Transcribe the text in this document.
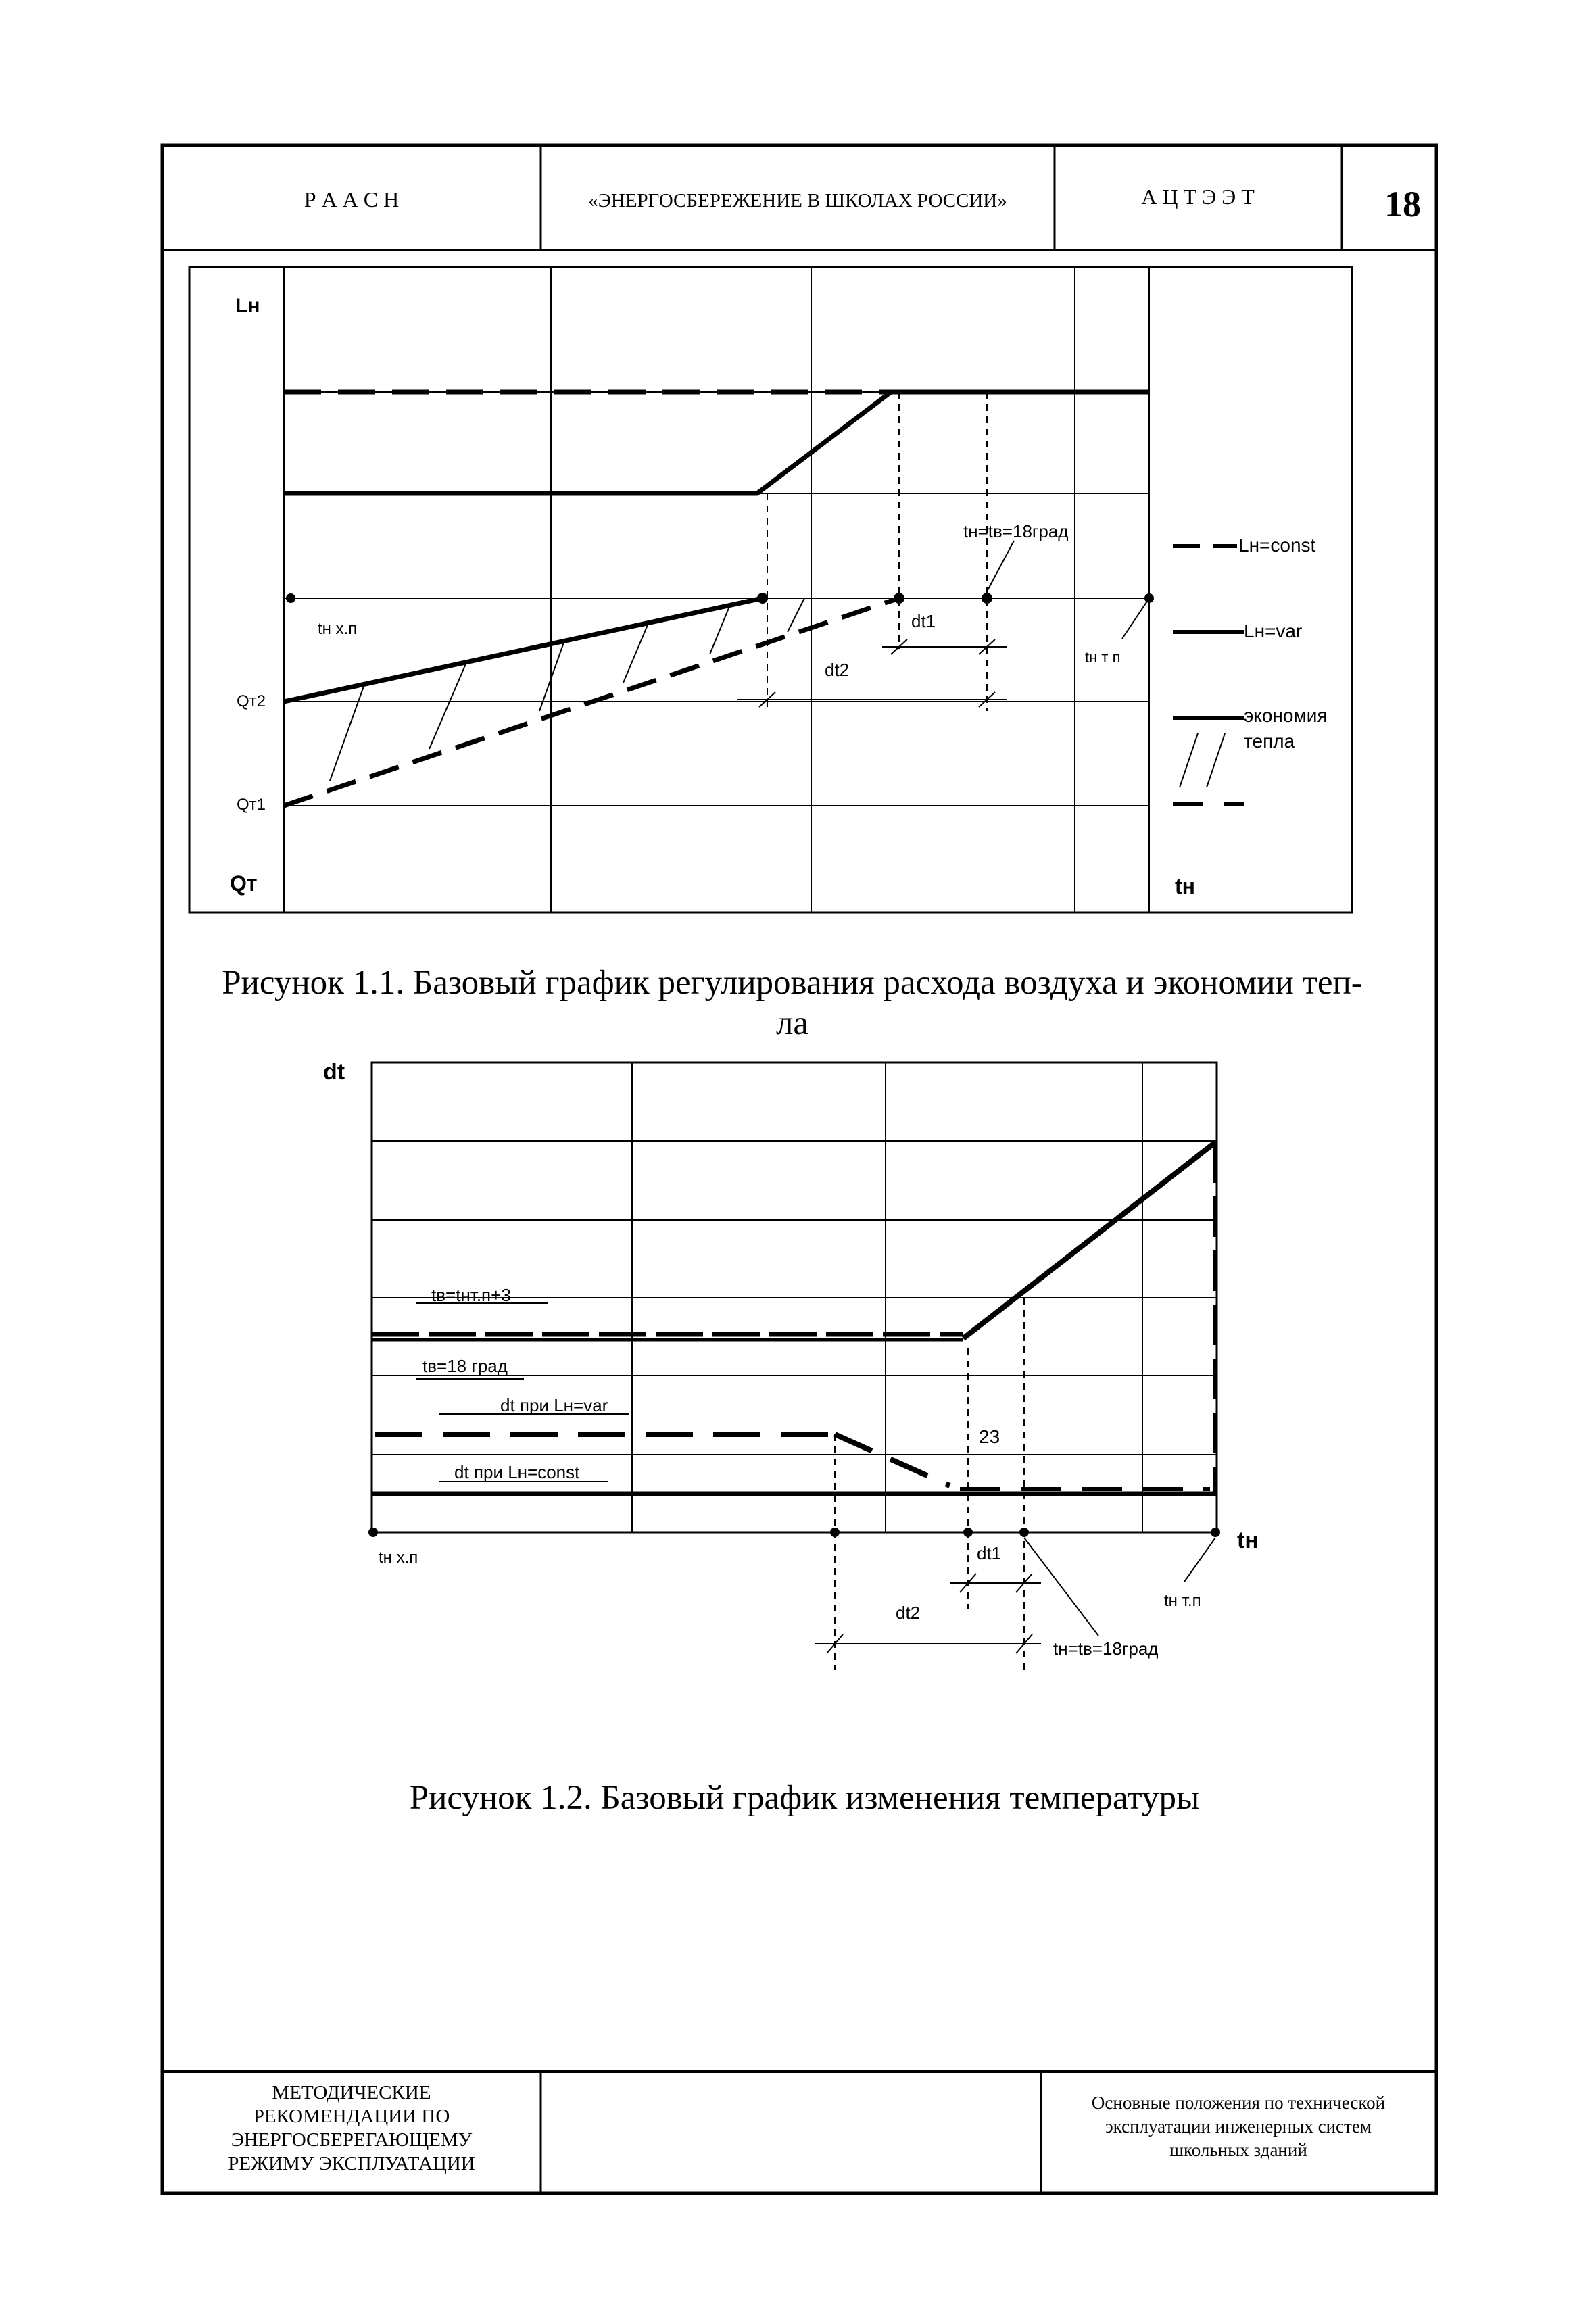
Р А А С Н	«ЭНЕРГОСБЕРЕЖЕНИЕ В ШКОЛАХ РОССИИ»	А Ц Т Э Э Т	18
Lн
Qт	tн
Qт2
Qт1
tн х.п
tн т п
tн=tв=18град
dt1
dt2
Lн=const
Lн=var
экономия
тепла
Рисунок 1.1. Базовый график регулирования расхода воздуха и экономии теп-
ла
dt
tн
tв=tнт.п+3
tв=18 град
dt при Lн=var
dt при Lн=const
23
tн х.п
tн т.п
tн=tв=18град
dt1
dt2
Рисунок 1.2. Базовый график изменения температуры
МЕТОДИЧЕСКИЕ
РЕКОМЕНДАЦИИ ПО
ЭНЕРГОСБЕРЕГАЮЩЕМУ
РЕЖИМУ ЭКСПЛУАТАЦИИ
Основные положения по технической
эксплуатации инженерных систем
школьных зданий
